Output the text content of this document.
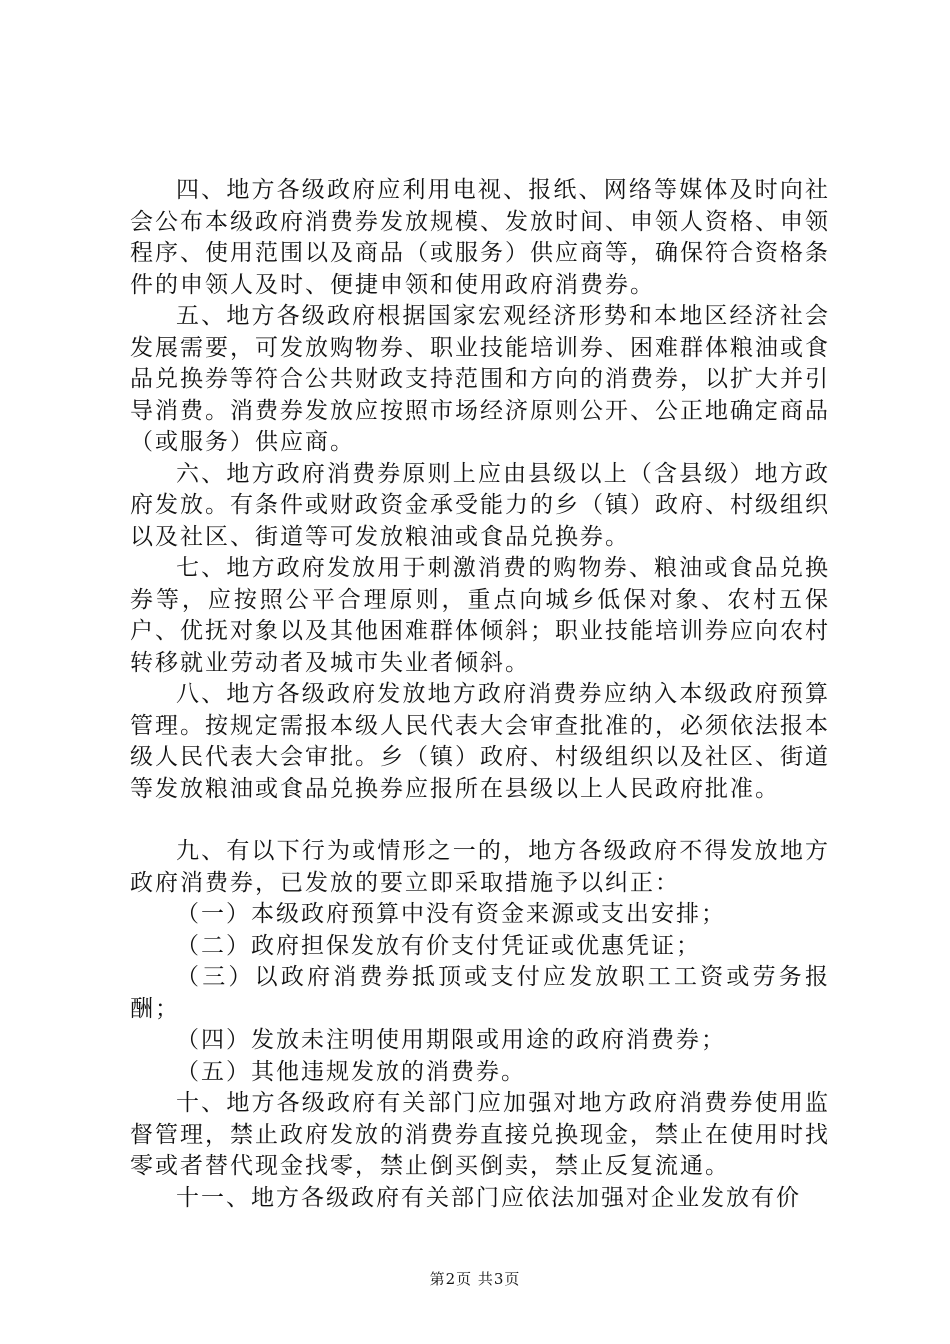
四、地方各级政府应利用电视、报纸、网络等媒体及时向社会公布本级政府消费券发放规模、发放时间、申领人资格、申领程序、使用范围以及商品（或服务）供应商等，确保符合资格条件的申领人及时、便捷申领和使用政府消费券。

五、地方各级政府根据国家宏观经济形势和本地区经济社会发展需要，可发放购物券、职业技能培训券、困难群体粮油或食品兑换券等符合公共财政支持范围和方向的消费券，以扩大并引导消费。消费券发放应按照市场经济原则公开、公正地确定商品（或服务）供应商。

六、地方政府消费券原则上应由县级以上（含县级）地方政府发放。有条件或财政资金承受能力的乡（镇）政府、村级组织以及社区、街道等可发放粮油或食品兑换券。

七、地方政府发放用于刺激消费的购物券、粮油或食品兑换券等，应按照公平合理原则，重点向城乡低保对象、农村五保户、优抚对象以及其他困难群体倾斜；职业技能培训券应向农村转移就业劳动者及城市失业者倾斜。

八、地方各级政府发放地方政府消费券应纳入本级政府预算管理。按规定需报本级人民代表大会审查批准的，必须依法报本级人民代表大会审批。乡（镇）政府、村级组织以及社区、街道等发放粮油或食品兑换券应报所在县级以上人民政府批准。

九、有以下行为或情形之一的，地方各级政府不得发放地方政府消费券，已发放的要立即采取措施予以纠正：

（一）本级政府预算中没有资金来源或支出安排；

（二）政府担保发放有价支付凭证或优惠凭证；

（三）以政府消费券抵顶或支付应发放职工工资或劳务报酬；

（四）发放未注明使用期限或用途的政府消费券；

（五）其他违规发放的消费券。

十、地方各级政府有关部门应加强对地方政府消费券使用监督管理，禁止政府发放的消费券直接兑换现金，禁止在使用时找零或者替代现金找零，禁止倒买倒卖，禁止反复流通。

十一、地方各级政府有关部门应依法加强对企业发放有价

第2页 共3页
